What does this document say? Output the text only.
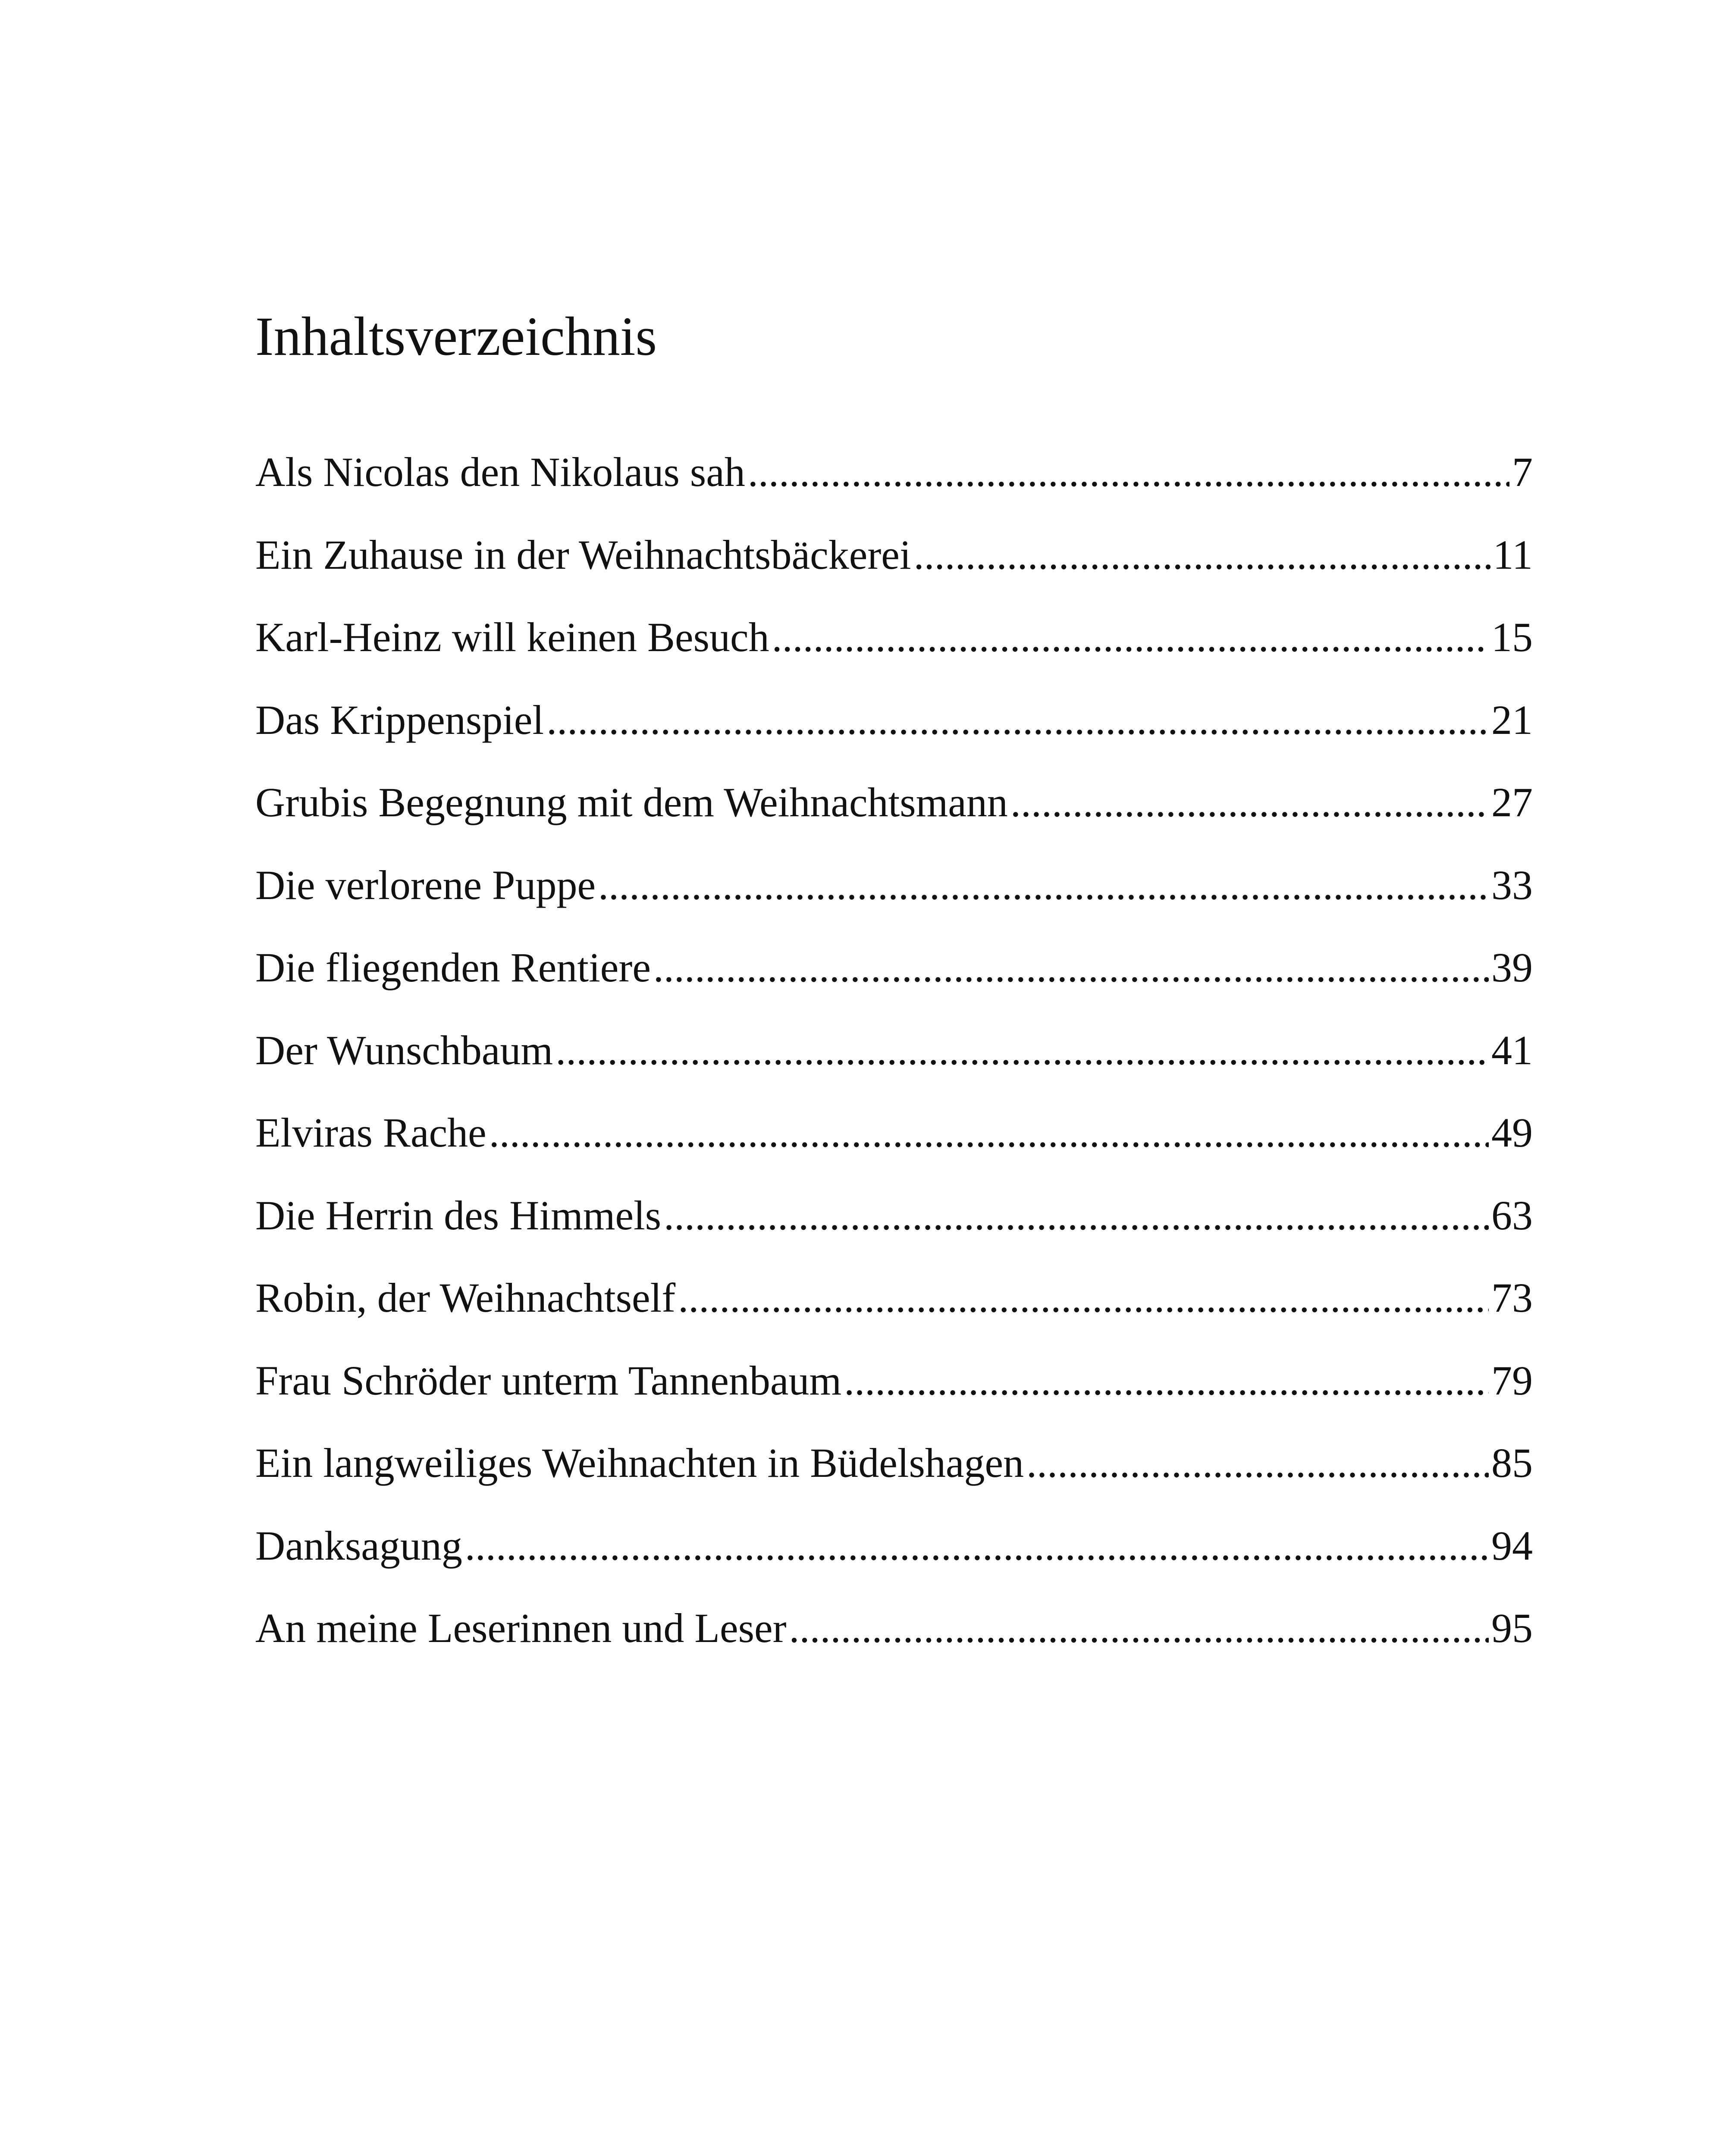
Inhaltsverzeichnis
Als Nicolas den Nikolaus sah .....	7
Ein Zuhause in der Weihnachtsbäckerei .....	11
Karl-Heinz will keinen Besuch .....	15
Das Krippenspiel .....	21
Grubis Begegnung mit dem Weihnachtsmann .....	27
Die verlorene Puppe .....	33
Die fliegenden Rentiere .....	39
Der Wunschbaum .....	41
Elviras Rache .....	49
Die Herrin des Himmels .....	63
Robin, der Weihnachtself .....	73
Frau Schröder unterm Tannenbaum .....	79
Ein langweiliges Weihnachten in Büdelshagen .....	85
Danksagung .....	94
An meine Leserinnen und Leser .....	95
